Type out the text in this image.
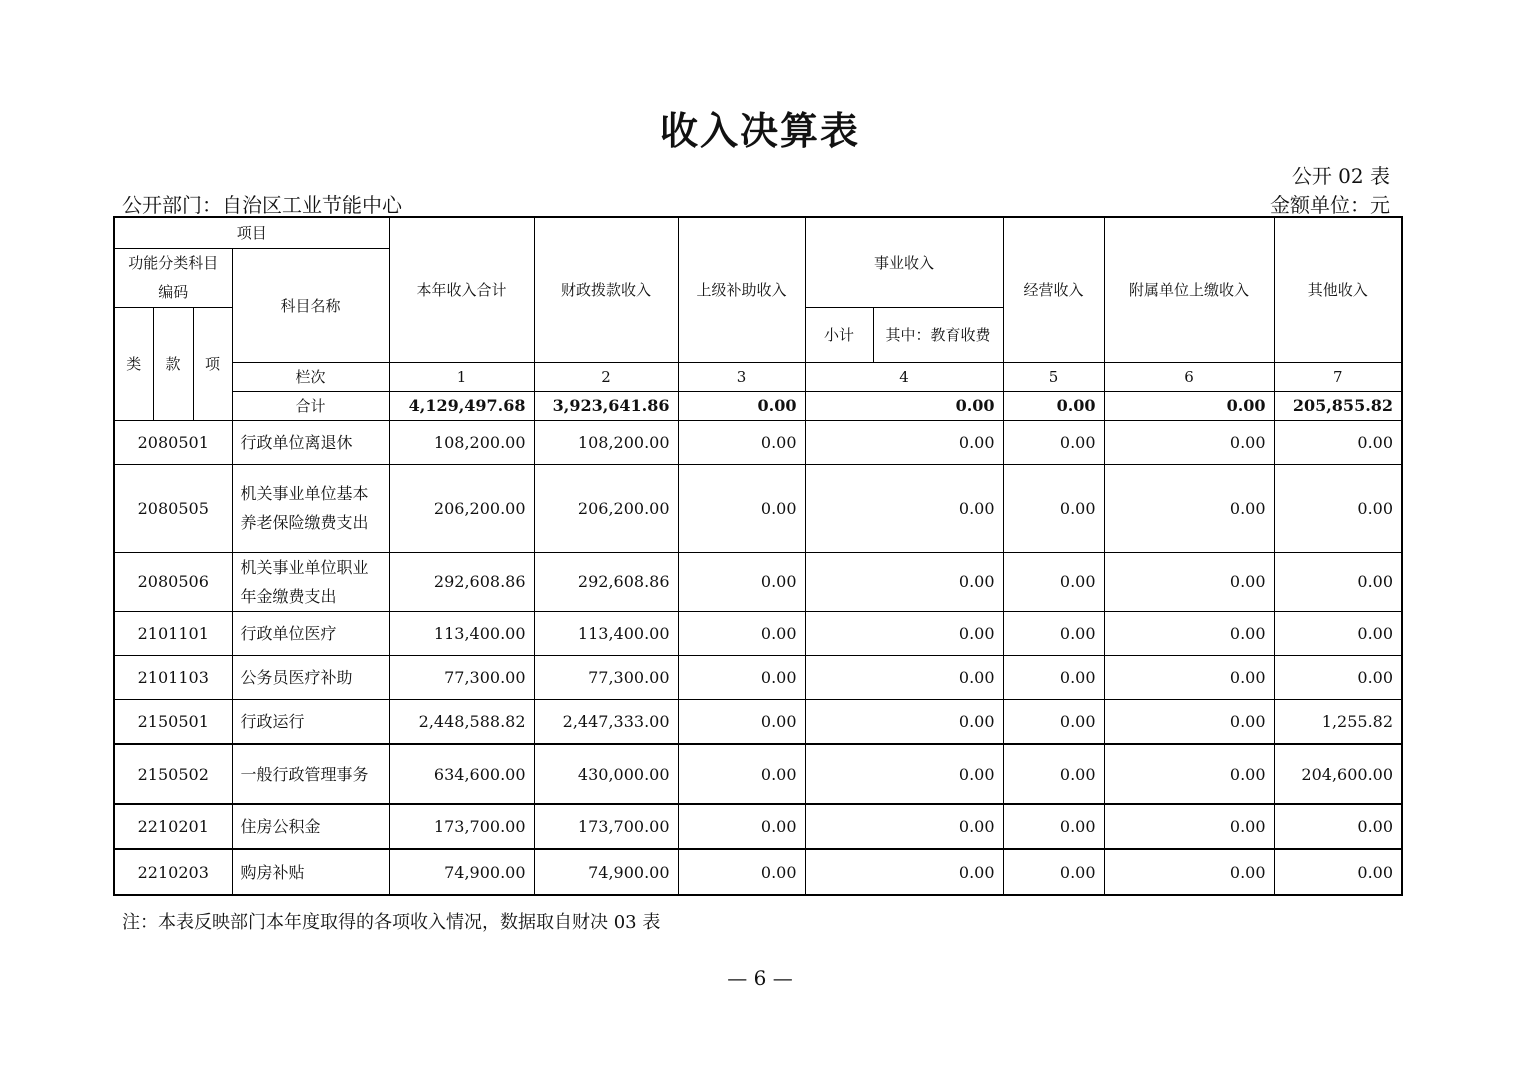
收入决算表
公开 02 表
公开部门：自治区工业节能中心	金额单位：元
项目				本年收入合计	财政拨款收入	上级补助收入	事业收入		经营收入	附属单位上缴收入	其他收入
功能分类科目编码			科目名称								
类	款	项					小计	其中：教育收费			
			栏次	1	2	3	4		5	6	7
			合计	4,129,497.68	3,923,641.86	0.00	0.00		0.00	0.00	205,855.82
2080501			行政单位离退休	108,200.00	108,200.00	0.00	0.00		0.00	0.00	0.00
2080505			机关事业单位基本养老保险缴费支出	206,200.00	206,200.00	0.00	0.00		0.00	0.00	0.00
2080506			机关事业单位职业年金缴费支出	292,608.86	292,608.86	0.00	0.00		0.00	0.00	0.00
2101101			行政单位医疗	113,400.00	113,400.00	0.00	0.00		0.00	0.00	0.00
2101103			公务员医疗补助	77,300.00	77,300.00	0.00	0.00		0.00	0.00	0.00
2150501			行政运行	2,448,588.82	2,447,333.00	0.00	0.00		0.00	0.00	1,255.82
2150502			一般行政管理事务	634,600.00	430,000.00	0.00	0.00		0.00	0.00	204,600.00
2210201			住房公积金	173,700.00	173,700.00	0.00	0.00		0.00	0.00	0.00
2210203			购房补贴	74,900.00	74,900.00	0.00	0.00		0.00	0.00	0.00
注：本表反映部门本年度取得的各项收入情况，数据取自财决 03 表
— 6 —
